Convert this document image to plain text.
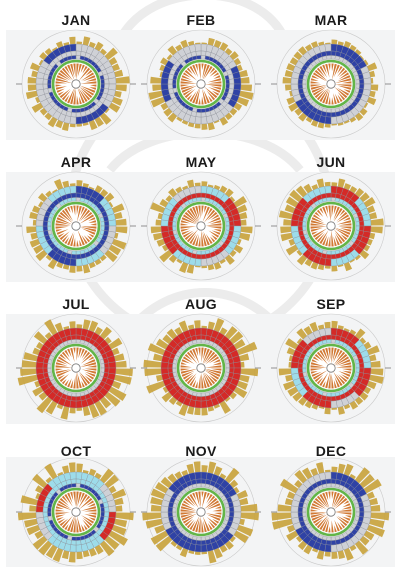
JAN	FEB	MAR
APR	MAY	JUN
JUL	AUG	SEP
OCT	NOV	DEC
